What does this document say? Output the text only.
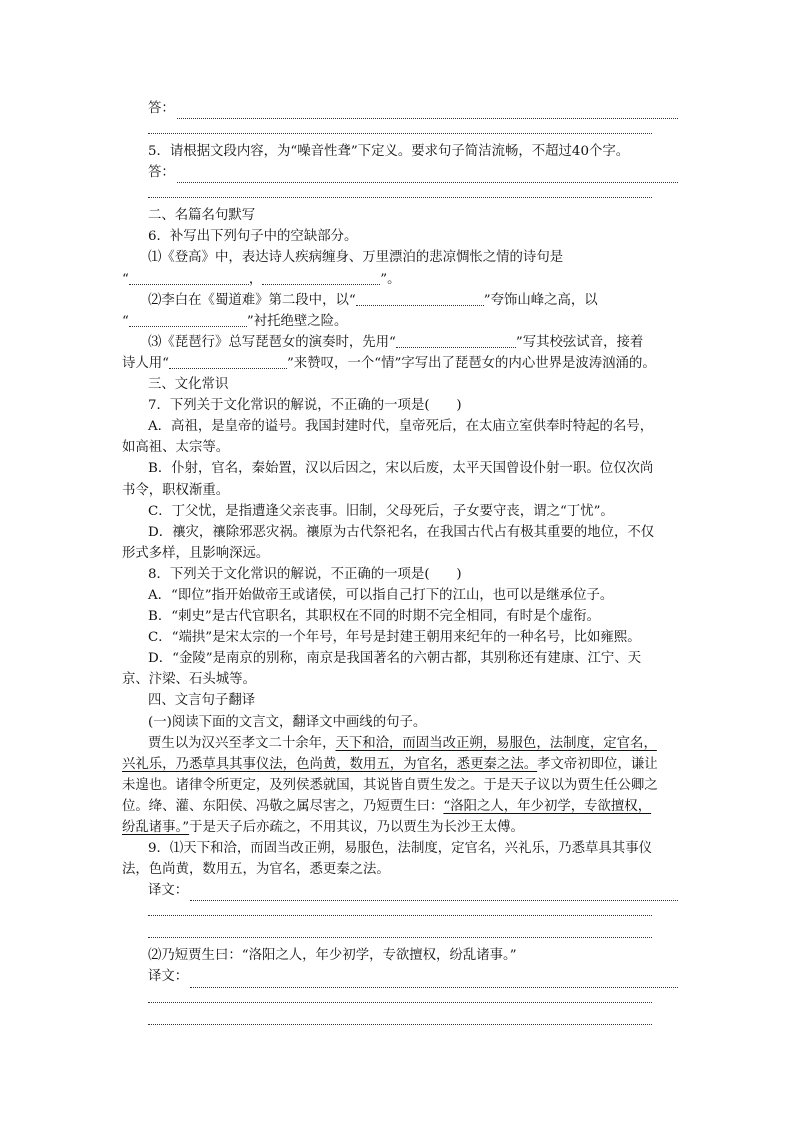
答：
5．请根据文段内容，为“噪音性聋”下定义。要求句子简洁流畅，不超过40个字。
答：
二、名篇名句默写
6．补写出下列句子中的空缺部分。
⑴《登高》中，表达诗人疾病缠身、万里漂泊的悲凉惆怅之情的诗句是
“	，	”。
⑵李白在《蜀道难》第二段中，以“	”夸饰山峰之高，以
“	”衬托绝壁之险。
⑶《琵琶行》总写琵琶女的演奏时，先用“	”写其校弦试音，接着
诗人用“	”来赞叹，一个“情”字写出了琵琶女的内心世界是波涛汹涌的。
三、文化常识
7．下列关于文化常识的解说，不正确的一项是(　　)
A．高祖，是皇帝的谥号。我国封建时代，皇帝死后，在太庙立室供奉时特起的名号，
如高祖、太宗等。
B．仆射，官名，秦始置，汉以后因之，宋以后废，太平天国曾设仆射一职。位仅次尚
书令，职权渐重。
C．丁父忧，是指遭逢父亲丧事。旧制，父母死后，子女要守丧，谓之“丁忧”。
D．禳灾，禳除邪恶灾祸。禳原为古代祭祀名，在我国古代占有极其重要的地位，不仅
形式多样，且影响深远。
8．下列关于文化常识的解说，不正确的一项是(　　)
A．“即位”指开始做帝王或诸侯，可以指自己打下的江山，也可以是继承位子。
B．“刺史”是古代官职名，其职权在不同的时期不完全相同，有时是个虚衔。
C．“端拱”是宋太宗的一个年号，年号是封建王朝用来纪年的一种名号，比如雍熙。
D．“金陵”是南京的别称，南京是我国著名的六朝古都，其别称还有建康、江宁、天
京、汴梁、石头城等。
四、文言句子翻译
(一)阅读下面的文言文，翻译文中画线的句子。
贾生以为汉兴至孝文二十余年，天下和洽，而固当改正朔，易服色，法制度，定官名，
兴礼乐，乃悉草具其事仪法，色尚黄，数用五，为官名，悉更秦之法。孝文帝初即位，谦让
未遑也。诸律令所更定，及列侯悉就国，其说皆自贾生发之。于是天子议以为贾生任公卿之
位。绛、灌、东阳侯、冯敬之属尽害之，乃短贾生曰：“洛阳之人，年少初学，专欲擅权，
纷乱诸事。”于是天子后亦疏之，不用其议，乃以贾生为长沙王太傅。
9．⑴天下和洽，而固当改正朔，易服色，法制度，定官名，兴礼乐，乃悉草具其事仪
法，色尚黄，数用五，为官名，悉更秦之法。
译文：
⑵乃短贾生曰：“洛阳之人，年少初学，专欲擅权，纷乱诸事。”
译文：
